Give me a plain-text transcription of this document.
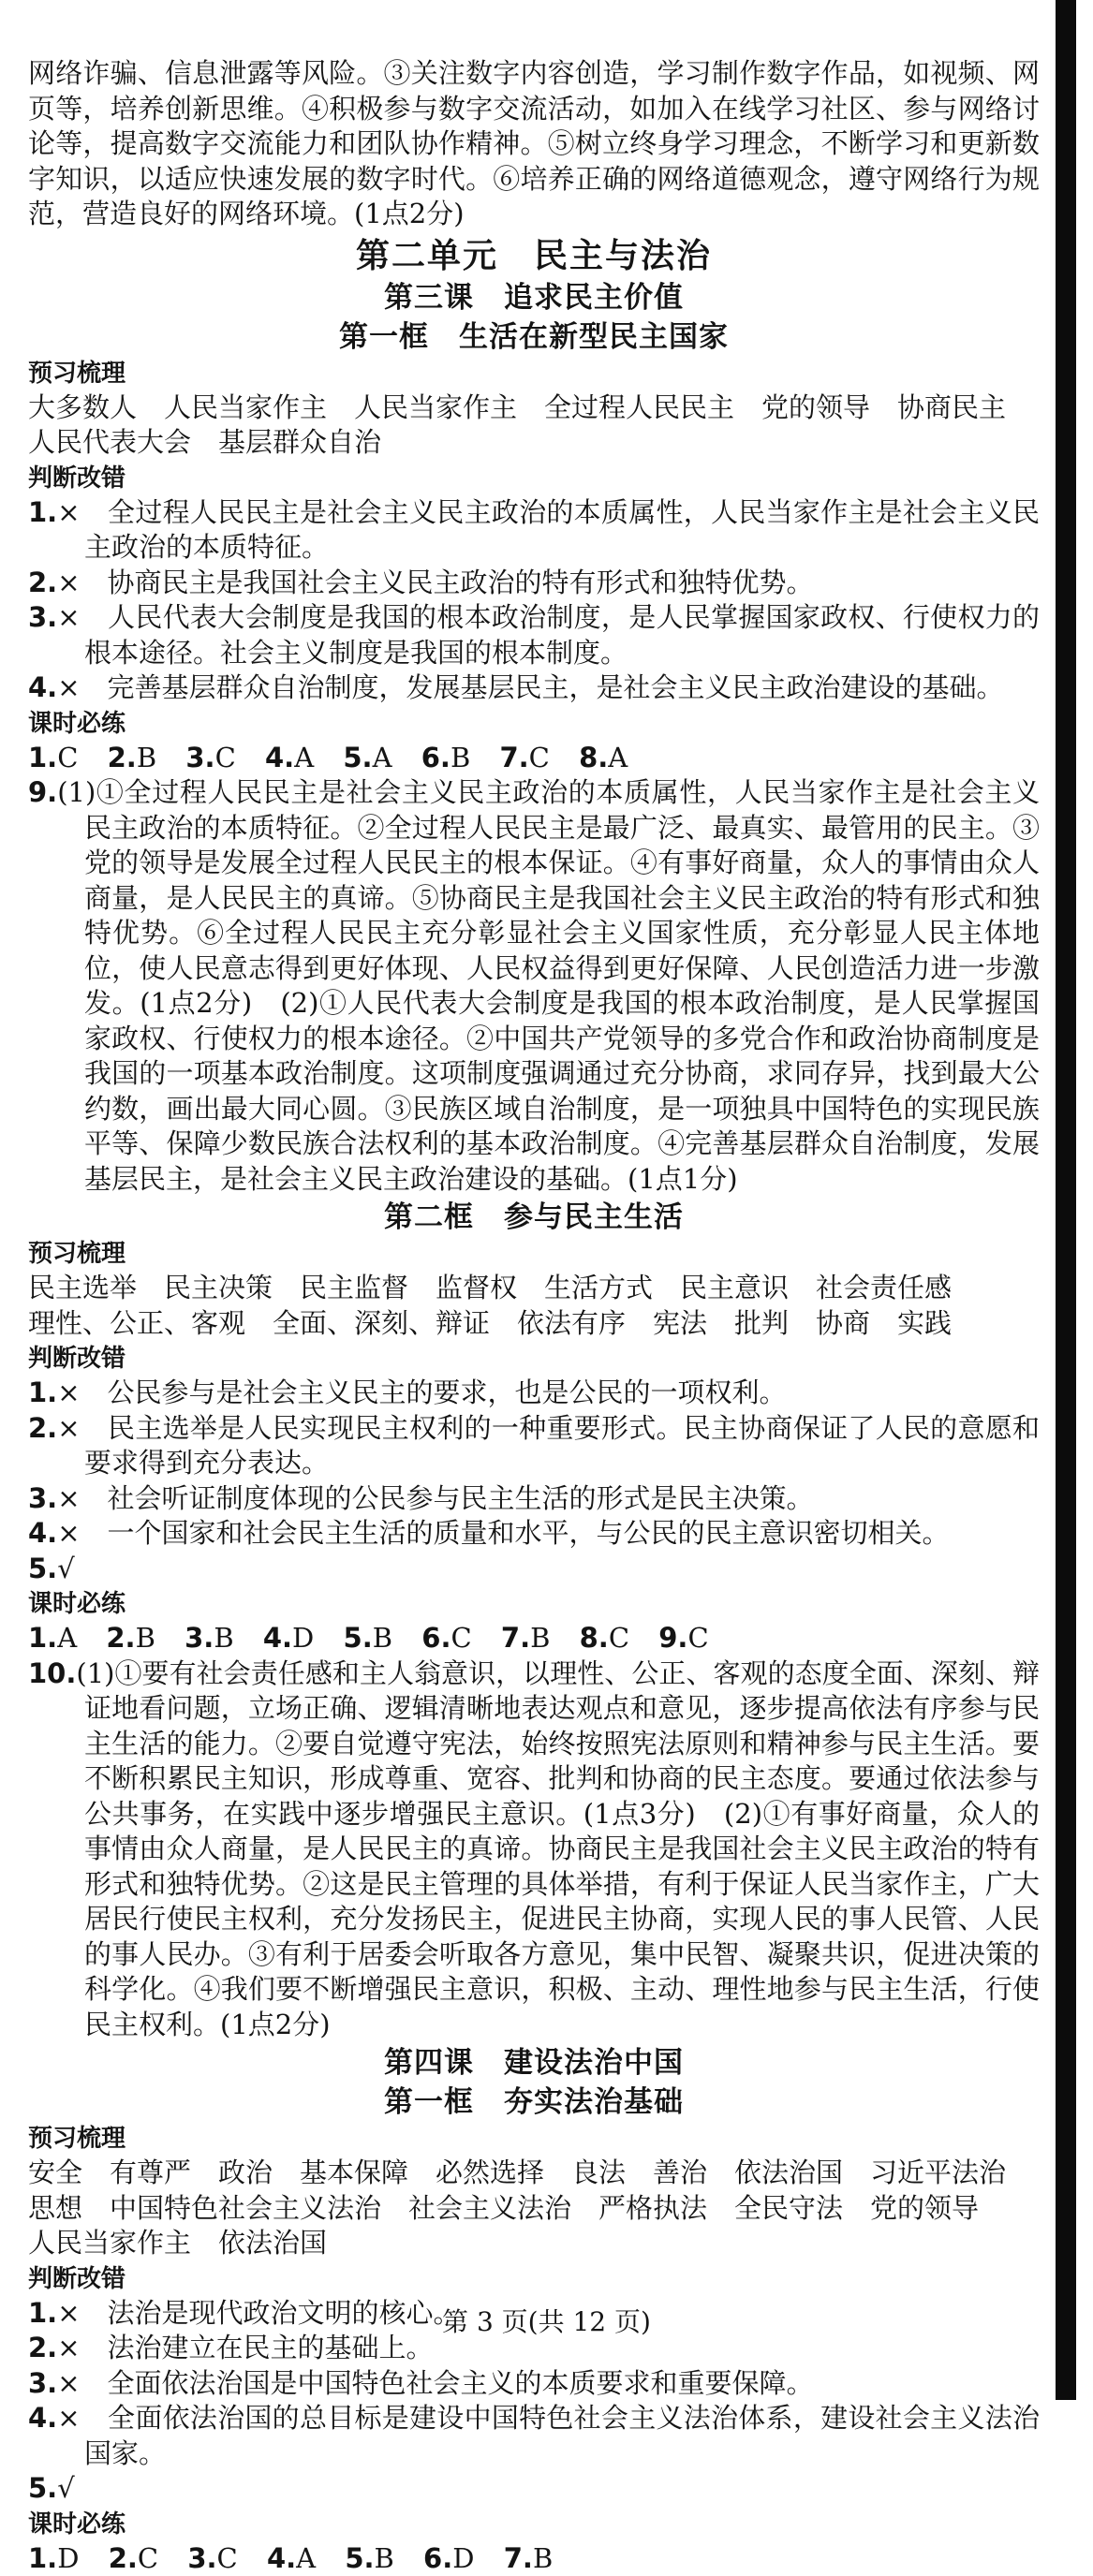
网络诈骗、信息泄露等风险。③关注数字内容创造，学习制作数字作品，如视频、网页等，培养创新思维。④积极参与数字交流活动，如加入在线学习社区、参与网络讨论等，提高数字交流能力和团队协作精神。⑤树立终身学习理念，不断学习和更新数字知识，以适应快速发展的数字时代。⑥培养正确的网络道德观念，遵守网络行为规范，营造良好的网络环境。(1点2分)

第二单元　民主与法治
第三课　追求民主价值
第一框　生活在新型民主国家
预习梳理

大多数人　人民当家作主　人民当家作主　全过程人民民主　党的领导　协商民主

人民代表大会　基层群众自治

判断改错

1.×　全过程人民民主是社会主义民主政治的本质属性，人民当家作主是社会主义民主政治的本质特征。

2.×　协商民主是我国社会主义民主政治的特有形式和独特优势。

3.×　人民代表大会制度是我国的根本政治制度，是人民掌握国家政权、行使权力的根本途径。社会主义制度是我国的根本制度。

4.×　完善基层群众自治制度，发展基层民主，是社会主义民主政治建设的基础。

课时必练

1.C 2.B 3.C 4.A 5.A 6.B 7.C 8.A

9.(1)①全过程人民民主是社会主义民主政治的本质属性，人民当家作主是社会主义民主政治的本质特征。②全过程人民民主是最广泛、最真实、最管用的民主。③党的领导是发展全过程人民民主的根本保证。④有事好商量，众人的事情由众人商量，是人民民主的真谛。⑤协商民主是我国社会主义民主政治的特有形式和独特优势。⑥全过程人民民主充分彰显社会主义国家性质，充分彰显人民主体地位，使人民意志得到更好体现、人民权益得到更好保障、人民创造活力进一步激发。(1点2分)　(2)①人民代表大会制度是我国的根本政治制度，是人民掌握国家政权、行使权力的根本途径。②中国共产党领导的多党合作和政治协商制度是我国的一项基本政治制度。这项制度强调通过充分协商，求同存异，找到最大公约数，画出最大同心圆。③民族区域自治制度，是一项独具中国特色的实现民族平等、保障少数民族合法权利的基本政治制度。④完善基层群众自治制度，发展基层民主，是社会主义民主政治建设的基础。(1点1分)

第二框　参与民主生活
预习梳理

民主选举　民主决策　民主监督　监督权　生活方式　民主意识　社会责任感

理性、公正、客观　全面、深刻、辩证　依法有序　宪法　批判　协商　实践

判断改错

1.×　公民参与是社会主义民主的要求，也是公民的一项权利。

2.×　民主选举是人民实现民主权利的一种重要形式。民主协商保证了人民的意愿和要求得到充分表达。

3.×　社会听证制度体现的公民参与民主生活的形式是民主决策。

4.×　一个国家和社会民主生活的质量和水平，与公民的民主意识密切相关。

5.√

课时必练

1.A 2.B 3.B 4.D 5.B 6.C 7.B 8.C 9.C

10.(1)①要有社会责任感和主人翁意识，以理性、公正、客观的态度全面、深刻、辩证地看问题，立场正确、逻辑清晰地表达观点和意见，逐步提高依法有序参与民主生活的能力。②要自觉遵守宪法，始终按照宪法原则和精神参与民主生活。要不断积累民主知识，形成尊重、宽容、批判和协商的民主态度。要通过依法参与公共事务，在实践中逐步增强民主意识。(1点3分)　(2)①有事好商量，众人的事情由众人商量，是人民民主的真谛。协商民主是我国社会主义民主政治的特有形式和独特优势。②这是民主管理的具体举措，有利于保证人民当家作主，广大居民行使民主权利，充分发扬民主，促进民主协商，实现人民的事人民管、人民的事人民办。③有利于居委会听取各方意见，集中民智、凝聚共识，促进决策的科学化。④我们要不断增强民主意识，积极、主动、理性地参与民主生活，行使民主权利。(1点2分)

第四课　建设法治中国
第一框　夯实法治基础
预习梳理

安全　有尊严　政治　基本保障　必然选择　良法　善治　依法治国　习近平法治

思想　中国特色社会主义法治　社会主义法治　严格执法　全民守法　党的领导

人民当家作主　依法治国

判断改错

1.×　法治是现代政治文明的核心。

2.×　法治建立在民主的基础上。

3.×　全面依法治国是中国特色社会主义的本质要求和重要保障。

4.×　全面依法治国的总目标是建设中国特色社会主义法治体系，建设社会主义法治国家。

5.√

课时必练

1.D 2.C 3.C 4.A 5.B 6.D 7.B

第 3 页(共 12 页)
